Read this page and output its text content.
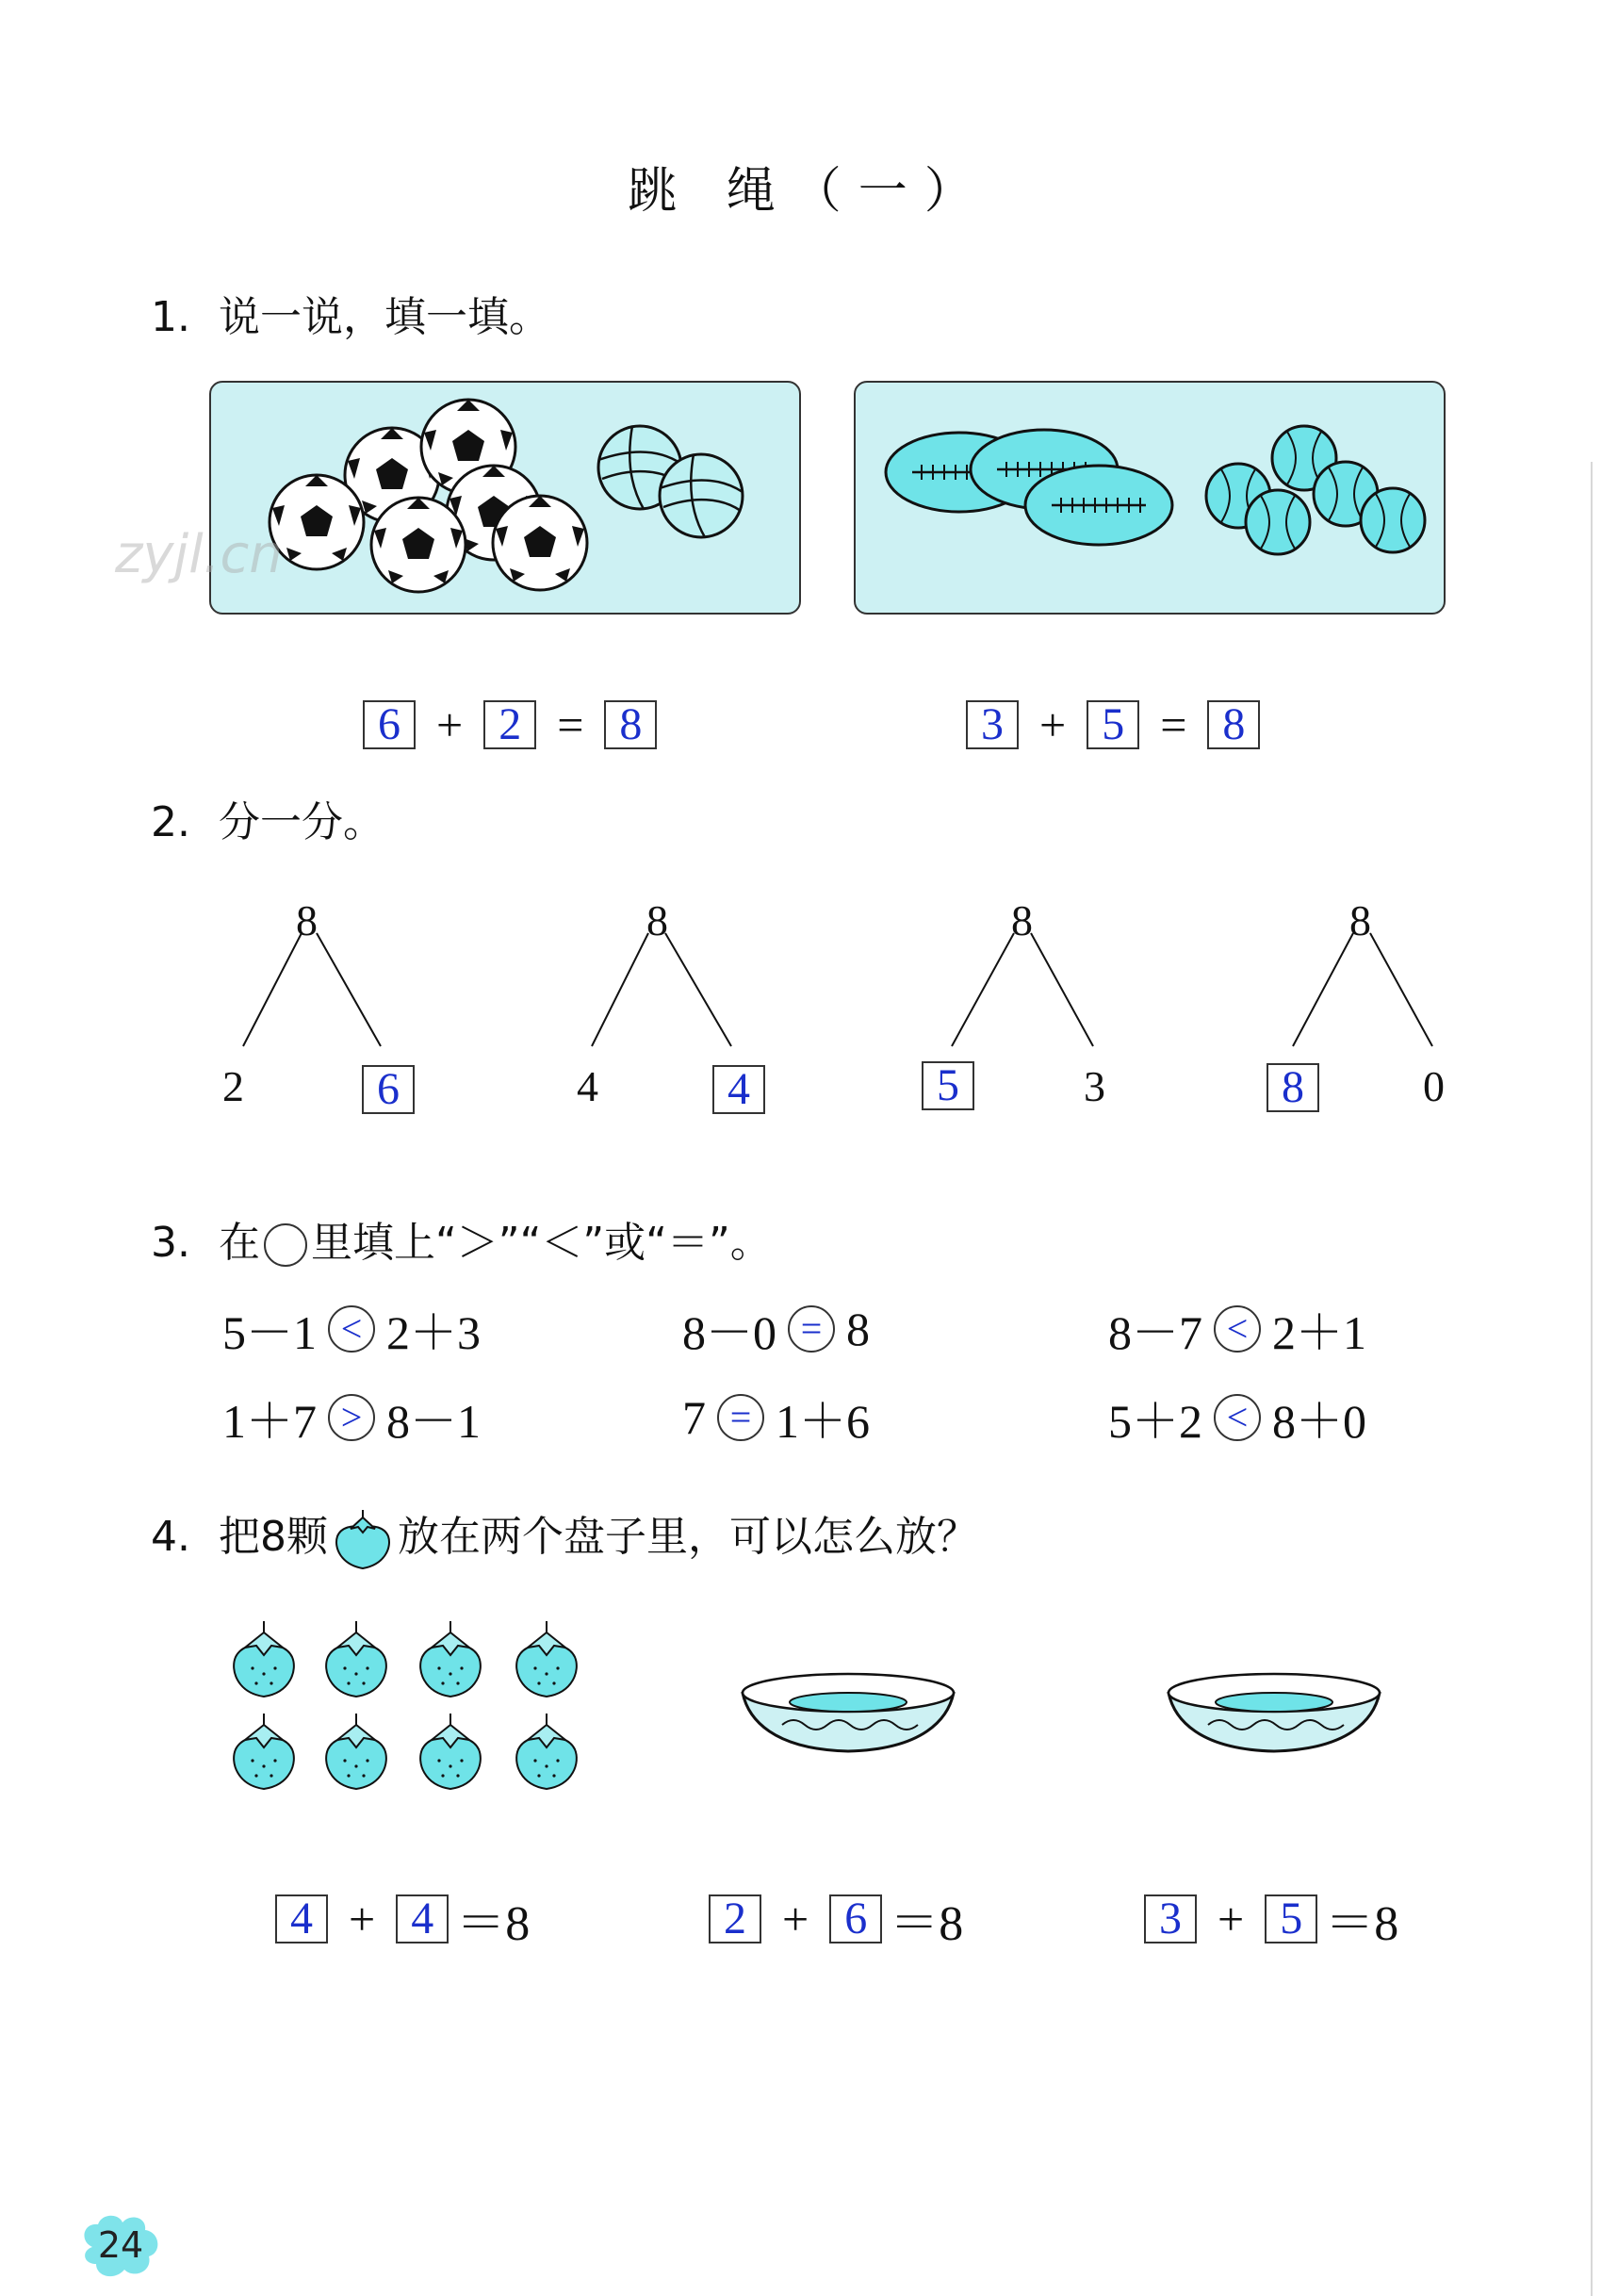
跳 绳（一）
1. 说一说，填一填。
6 + 2 = 8	3 + 5 = 8
2. 分一分。
8
2	6
8
4	4
8
5	3
8
8	0
3. 在 里填上“＞”“＜”或“＝”。
5－1 < 2＋3	8－0 = 8	8－7 < 2＋1
1＋7 > 8－1	7 = 1＋6	5＋2 < 8＋0
4. 把8颗 放在两个盘子里，可以怎么放？
4 + 4 ＝8	2 + 6 ＝8	3 + 5 ＝8
zyjl.cn
24
